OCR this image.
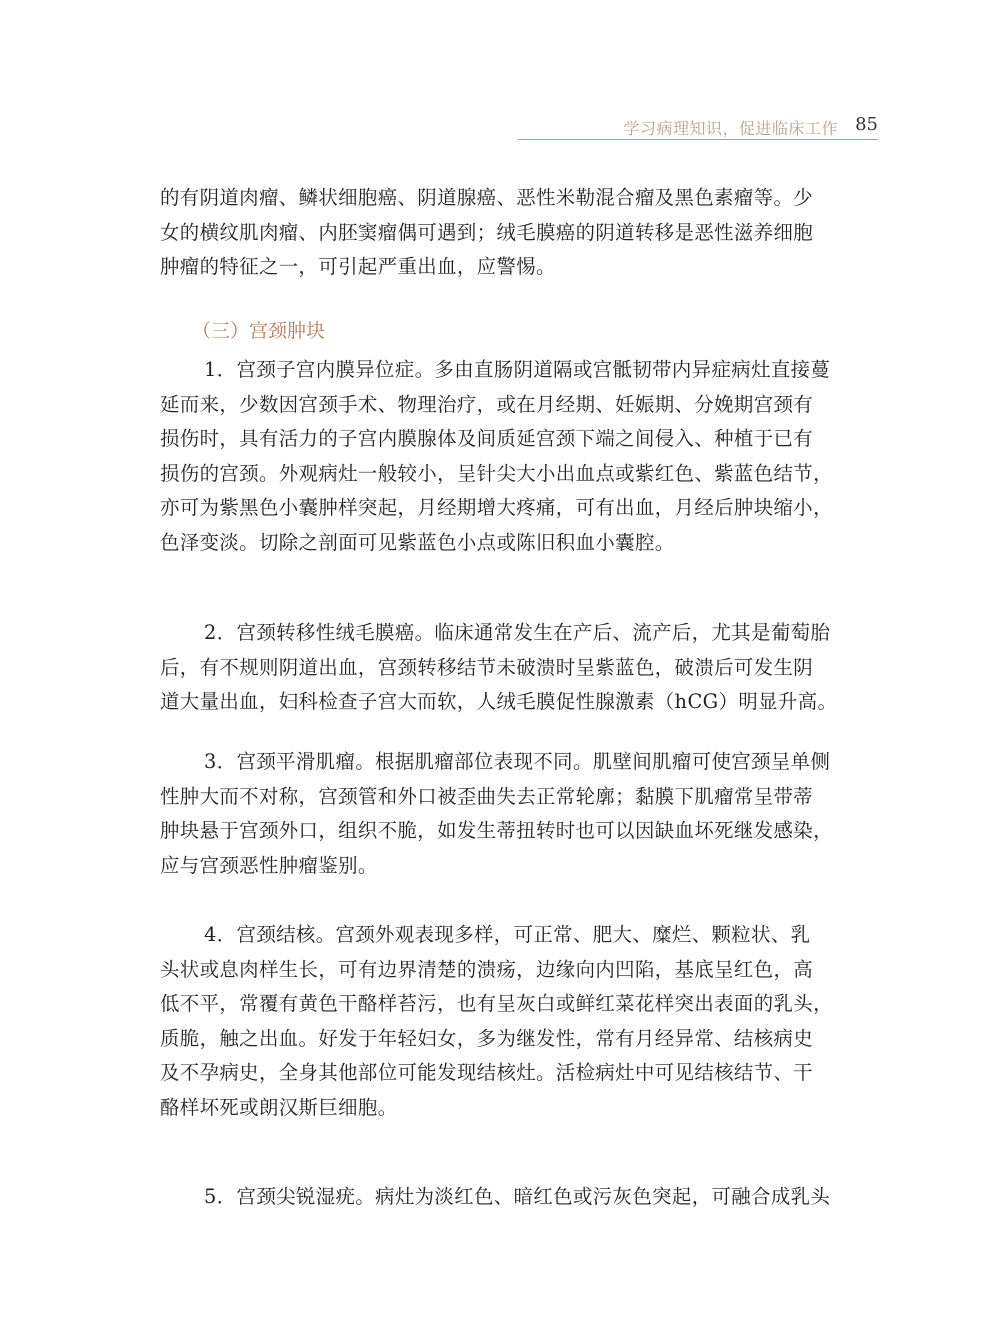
学习病理知识，促进临床工作 85
的有阴道肉瘤、鳞状细胞癌、阴道腺癌、恶性米勒混合瘤及黑色素瘤等。少
女的横纹肌肉瘤、内胚窦瘤偶可遇到；绒毛膜癌的阴道转移是恶性滋养细胞
肿瘤的特征之一，可引起严重出血，应警惕。
（三）宫颈肿块
1．宫颈子宫内膜异位症。多由直肠阴道隔或宫骶韧带内异症病灶直接蔓
延而来，少数因宫颈手术、物理治疗，或在月经期、妊娠期、分娩期宫颈有
损伤时，具有活力的子宫内膜腺体及间质延宫颈下端之间侵入、种植于已有
损伤的宫颈。外观病灶一般较小，呈针尖大小出血点或紫红色、紫蓝色结节，
亦可为紫黑色小囊肿样突起，月经期增大疼痛，可有出血，月经后肿块缩小，
色泽变淡。切除之剖面可见紫蓝色小点或陈旧积血小囊腔。
2．宫颈转移性绒毛膜癌。临床通常发生在产后、流产后，尤其是葡萄胎
后，有不规则阴道出血，宫颈转移结节未破溃时呈紫蓝色，破溃后可发生阴
道大量出血，妇科检查子宫大而软，人绒毛膜促性腺激素（hCG）明显升高。
3．宫颈平滑肌瘤。根据肌瘤部位表现不同。肌壁间肌瘤可使宫颈呈单侧
性肿大而不对称，宫颈管和外口被歪曲失去正常轮廓；黏膜下肌瘤常呈带蒂
肿块悬于宫颈外口，组织不脆，如发生蒂扭转时也可以因缺血坏死继发感染，
应与宫颈恶性肿瘤鉴别。
4．宫颈结核。宫颈外观表现多样，可正常、肥大、糜烂、颗粒状、乳
头状或息肉样生长，可有边界清楚的溃疡，边缘向内凹陷，基底呈红色，高
低不平，常覆有黄色干酪样苔污，也有呈灰白或鲜红菜花样突出表面的乳头，
质脆，触之出血。好发于年轻妇女，多为继发性，常有月经异常、结核病史
及不孕病史，全身其他部位可能发现结核灶。活检病灶中可见结核结节、干
酪样坏死或朗汉斯巨细胞。
5．宫颈尖锐湿疣。病灶为淡红色、暗红色或污灰色突起，可融合成乳头
